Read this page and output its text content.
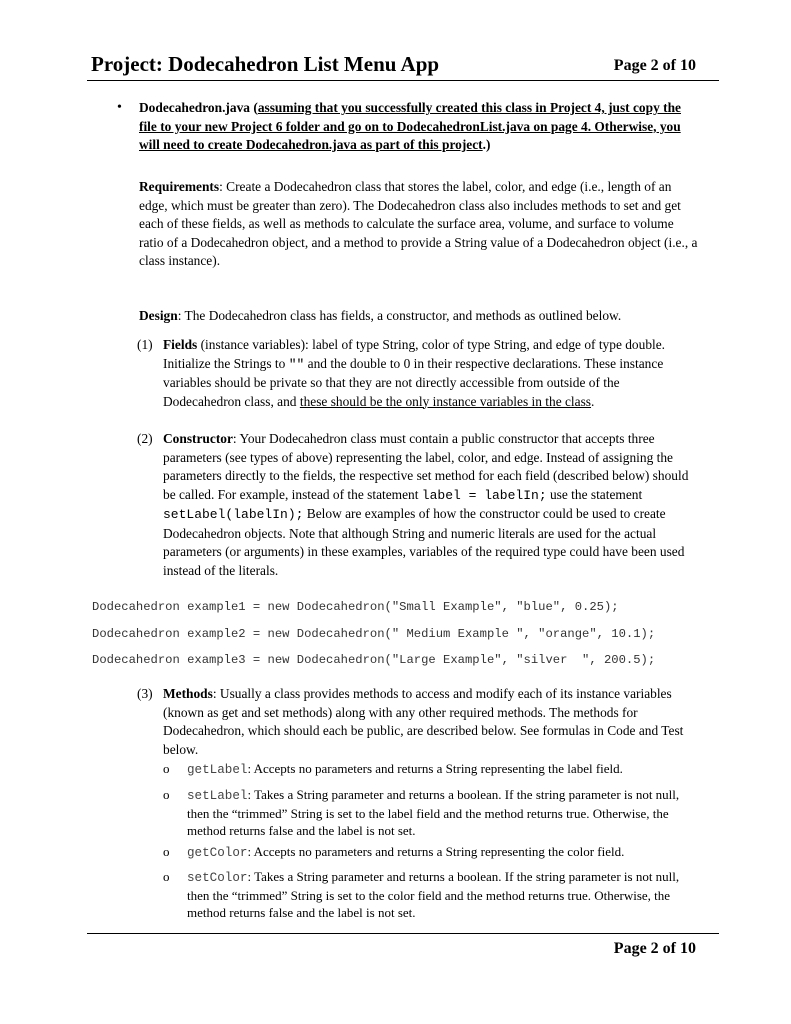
Project: Dodecahedron List Menu App	Page 2 of 10
• Dodecahedron.java (assuming that you successfully created this class in Project 4, just copy the file to your new Project 6 folder and go on to DodecahedronList.java on page 4. Otherwise, you will need to create Dodecahedron.java as part of this project.)
Requirements: Create a Dodecahedron class that stores the label, color, and edge (i.e., length of an edge, which must be greater than zero). The Dodecahedron class also includes methods to set and get each of these fields, as well as methods to calculate the surface area, volume, and surface to volume ratio of a Dodecahedron object, and a method to provide a String value of a Dodecahedron object (i.e., a class instance).
Design: The Dodecahedron class has fields, a constructor, and methods as outlined below.
(1) Fields (instance variables): label of type String, color of type String, and edge of type double. Initialize the Strings to "" and the double to 0 in their respective declarations. These instance variables should be private so that they are not directly accessible from outside of the Dodecahedron class, and these should be the only instance variables in the class.
(2) Constructor: Your Dodecahedron class must contain a public constructor that accepts three parameters (see types of above) representing the label, color, and edge. Instead of assigning the parameters directly to the fields, the respective set method for each field (described below) should be called. For example, instead of the statement label = labelIn; use the statement setLabel(labelIn); Below are examples of how the constructor could be used to create Dodecahedron objects. Note that although String and numeric literals are used for the actual parameters (or arguments) in these examples, variables of the required type could have been used instead of the literals.
Dodecahedron example1 = new Dodecahedron("Small Example", "blue", 0.25);
Dodecahedron example2 = new Dodecahedron(" Medium Example ", "orange", 10.1);
Dodecahedron example3 = new Dodecahedron("Large Example", "silver  ", 200.5);
(3) Methods: Usually a class provides methods to access and modify each of its instance variables (known as get and set methods) along with any other required methods. The methods for Dodecahedron, which should each be public, are described below. See formulas in Code and Test below.
o getLabel: Accepts no parameters and returns a String representing the label field.
o setLabel: Takes a String parameter and returns a boolean. If the string parameter is not null, then the “trimmed” String is set to the label field and the method returns true. Otherwise, the method returns false and the label is not set.
o getColor: Accepts no parameters and returns a String representing the color field.
o setColor: Takes a String parameter and returns a boolean. If the string parameter is not null, then the “trimmed” String is set to the color field and the method returns true. Otherwise, the method returns false and the label is not set.
Page 2 of 10
